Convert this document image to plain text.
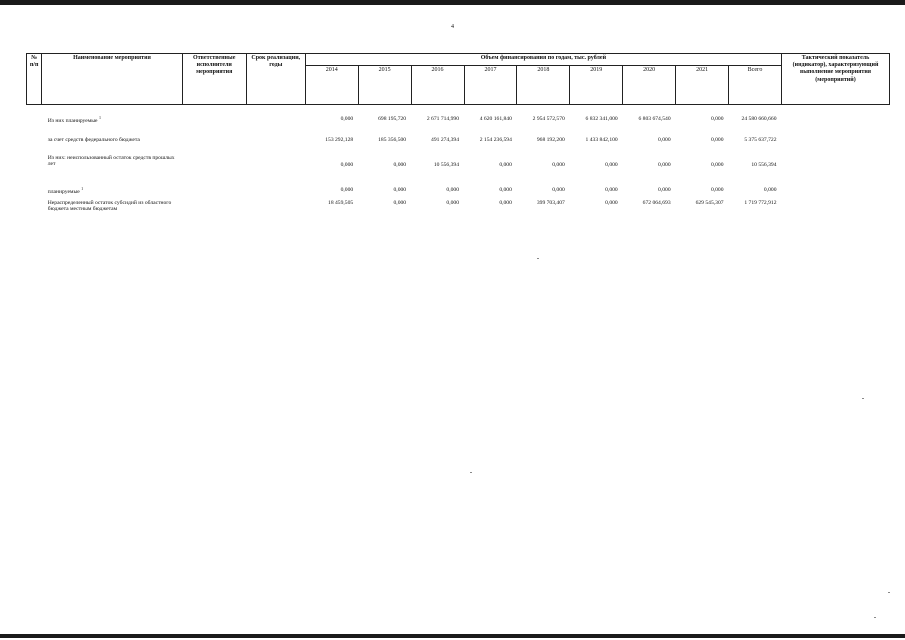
4
№ п/п	Наименование мероприятия	Ответственные исполнители мероприятия	Срок реализации, годы	Объем финансирования по годам, тыс. рублей									Тактический показатель (индикатор), характеризующий выполнение мероприятия (мероприятий)
				2014	2015	2016	2017	2018	2019	2020	2021	Всего	

	Из них планируемые $^1$			0,000	698 195,720	2 671 714,990	4 620 161,840	2 954 572,570	6 832 341,000	6 803 674,540	0,000	24 580 660,660	
	за счет средств федерального бюджета			153 292,128	185 356,500	491 274,394	2 154 236,594	968 192,200	1 433 842,100	0,000	0,000	5 375 637,722	
	Из них: неиспользованный остаток средств прошлых лет			0,000	0,000	10 556,394	0,000	0,000	0,000	0,000	0,000	10 556,394	
	планируемые $^1$			0,000	0,000	0,000	0,000	0,000	0,000	0,000	0,000	0,000	
	Нераспределенный остаток субсидий из областного бюджета местным бюджетам			18 459,505	0,000	0,000	0,000	399 703,407	0,000	672 064,693	629 545,307	1 719 772,912	
